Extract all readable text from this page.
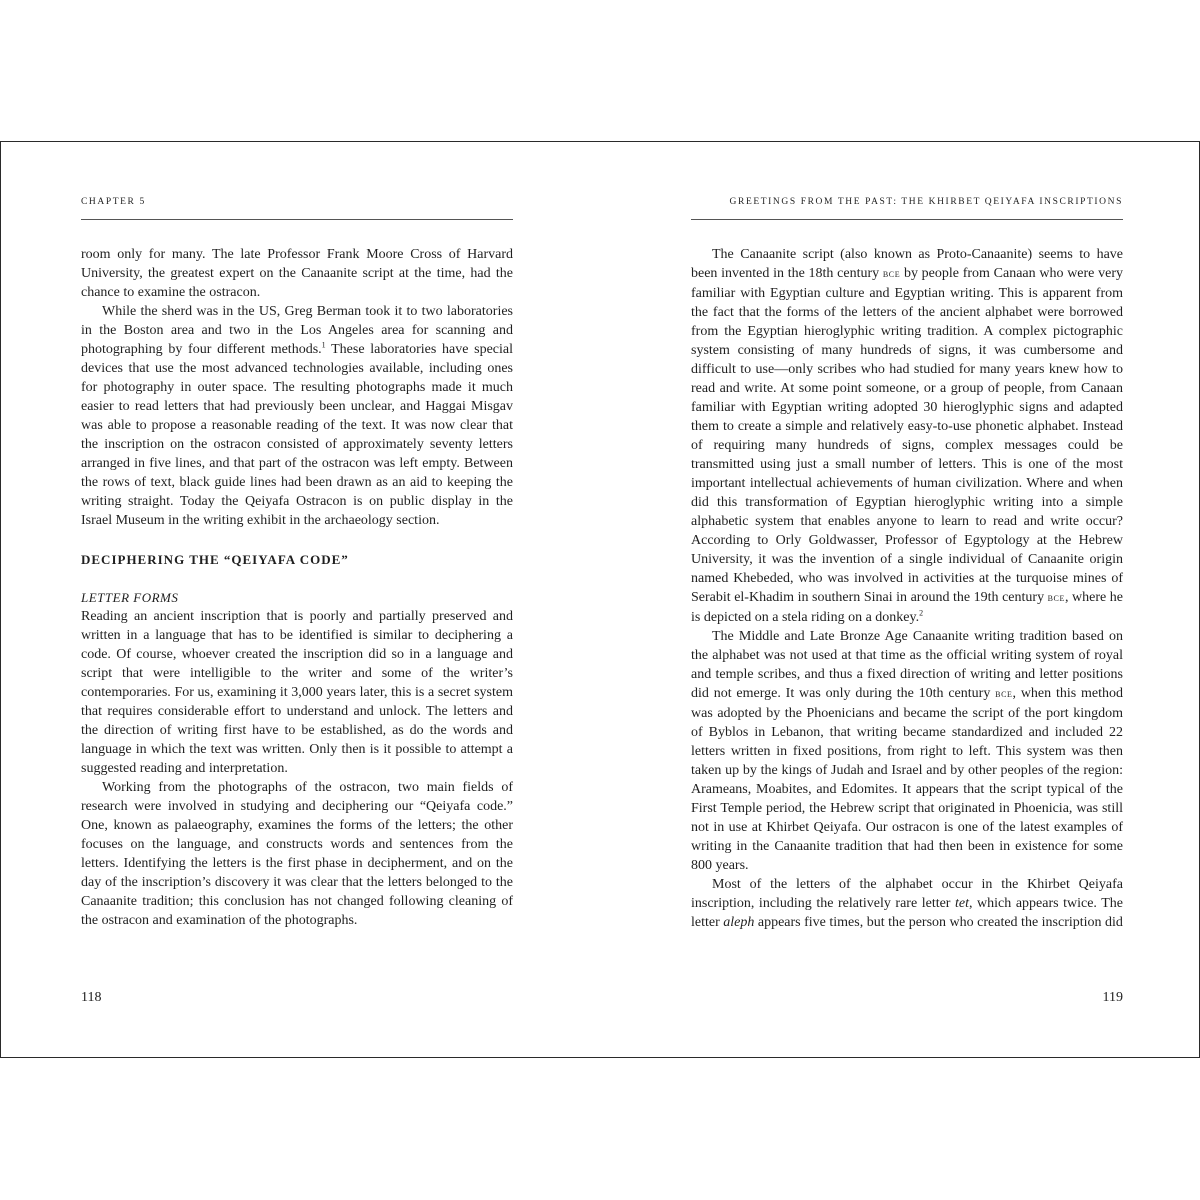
CHAPTER 5

room only for many. The late Professor Frank Moore Cross of Harvard University, the greatest expert on the Canaanite script at the time, had the chance to examine the ostracon.

While the sherd was in the US, Greg Berman took it to two laboratories in the Boston area and two in the Los Angeles area for scanning and photographing by four different methods.$^1$ These laboratories have special devices that use the most advanced technologies available, including ones for photography in outer space. The resulting photographs made it much easier to read letters that had previously been unclear, and Haggai Misgav was able to propose a reasonable reading of the text. It was now clear that the inscription on the ostracon consisted of approximately seventy letters arranged in five lines, and that part of the ostracon was left empty. Between the rows of text, black guide lines had been drawn as an aid to keeping the writing straight. Today the Qeiyafa Ostracon is on public display in the Israel Museum in the writing exhibit in the archaeology section.

DECIPHERING THE “QEIYAFA CODE”
LETTER FORMS

Reading an ancient inscription that is poorly and partially preserved and written in a language that has to be identified is similar to deciphering a code. Of course, whoever created the inscription did so in a language and script that were intelligible to the writer and some of the writer’s contemporaries. For us, examining it 3,000 years later, this is a secret system that requires considerable effort to understand and unlock. The letters and the direction of writing first have to be established, as do the words and language in which the text was written. Only then is it possible to attempt a suggested reading and interpretation.

Working from the photographs of the ostracon, two main fields of research were involved in studying and deciphering our “Qeiyafa code.” One, known as palaeography, examines the forms of the letters; the other focuses on the language, and constructs words and sentences from the letters. Identifying the letters is the first phase in decipherment, and on the day of the inscription’s discovery it was clear that the letters belonged to the Canaanite tradition; this conclusion has not changed following cleaning of the ostracon and examination of the photographs.

118
GREETINGS FROM THE PAST: THE KHIRBET QEIYAFA INSCRIPTIONS

The Canaanite script (also known as Proto-Canaanite) seems to have been invented in the 18th century bce by people from Canaan who were very familiar with Egyptian culture and Egyptian writing. This is apparent from the fact that the forms of the letters of the ancient alphabet were borrowed from the Egyptian hieroglyphic writing tradition. A complex pictographic system consisting of many hundreds of signs, it was cumbersome and difficult to use—only scribes who had studied for many years knew how to read and write. At some point someone, or a group of people, from Canaan familiar with Egyptian writing adopted 30 hieroglyphic signs and adapted them to create a simple and relatively easy-to-use phonetic alphabet. Instead of requiring many hundreds of signs, complex messages could be transmitted using just a small number of letters. This is one of the most important intellectual achievements of human civilization. Where and when did this transformation of Egyptian hieroglyphic writing into a simple alphabetic system that enables anyone to learn to read and write occur? According to Orly Goldwasser, Professor of Egyptology at the Hebrew University, it was the invention of a single individual of Canaanite origin named Khebeded, who was involved in activities at the turquoise mines of Serabit el-Khadim in southern Sinai in around the 19th century bce, where he is depicted on a stela riding on a donkey.$^2$

The Middle and Late Bronze Age Canaanite writing tradition based on the alphabet was not used at that time as the official writing system of royal and temple scribes, and thus a fixed direction of writing and letter positions did not emerge. It was only during the 10th century bce, when this method was adopted by the Phoenicians and became the script of the port kingdom of Byblos in Lebanon, that writing became standardized and included 22 letters written in fixed positions, from right to left. This system was then taken up by the kings of Judah and Israel and by other peoples of the region: Arameans, Moabites, and Edomites. It appears that the script typical of the First Temple period, the Hebrew script that originated in Phoenicia, was still not in use at Khirbet Qeiyafa. Our ostracon is one of the latest examples of writing in the Canaanite tradition that had then been in existence for some 800 years.

Most of the letters of the alphabet occur in the Khirbet Qeiyafa inscription, including the relatively rare letter tet, which appears twice. The letter aleph appears five times, but the person who created the inscription did

119
